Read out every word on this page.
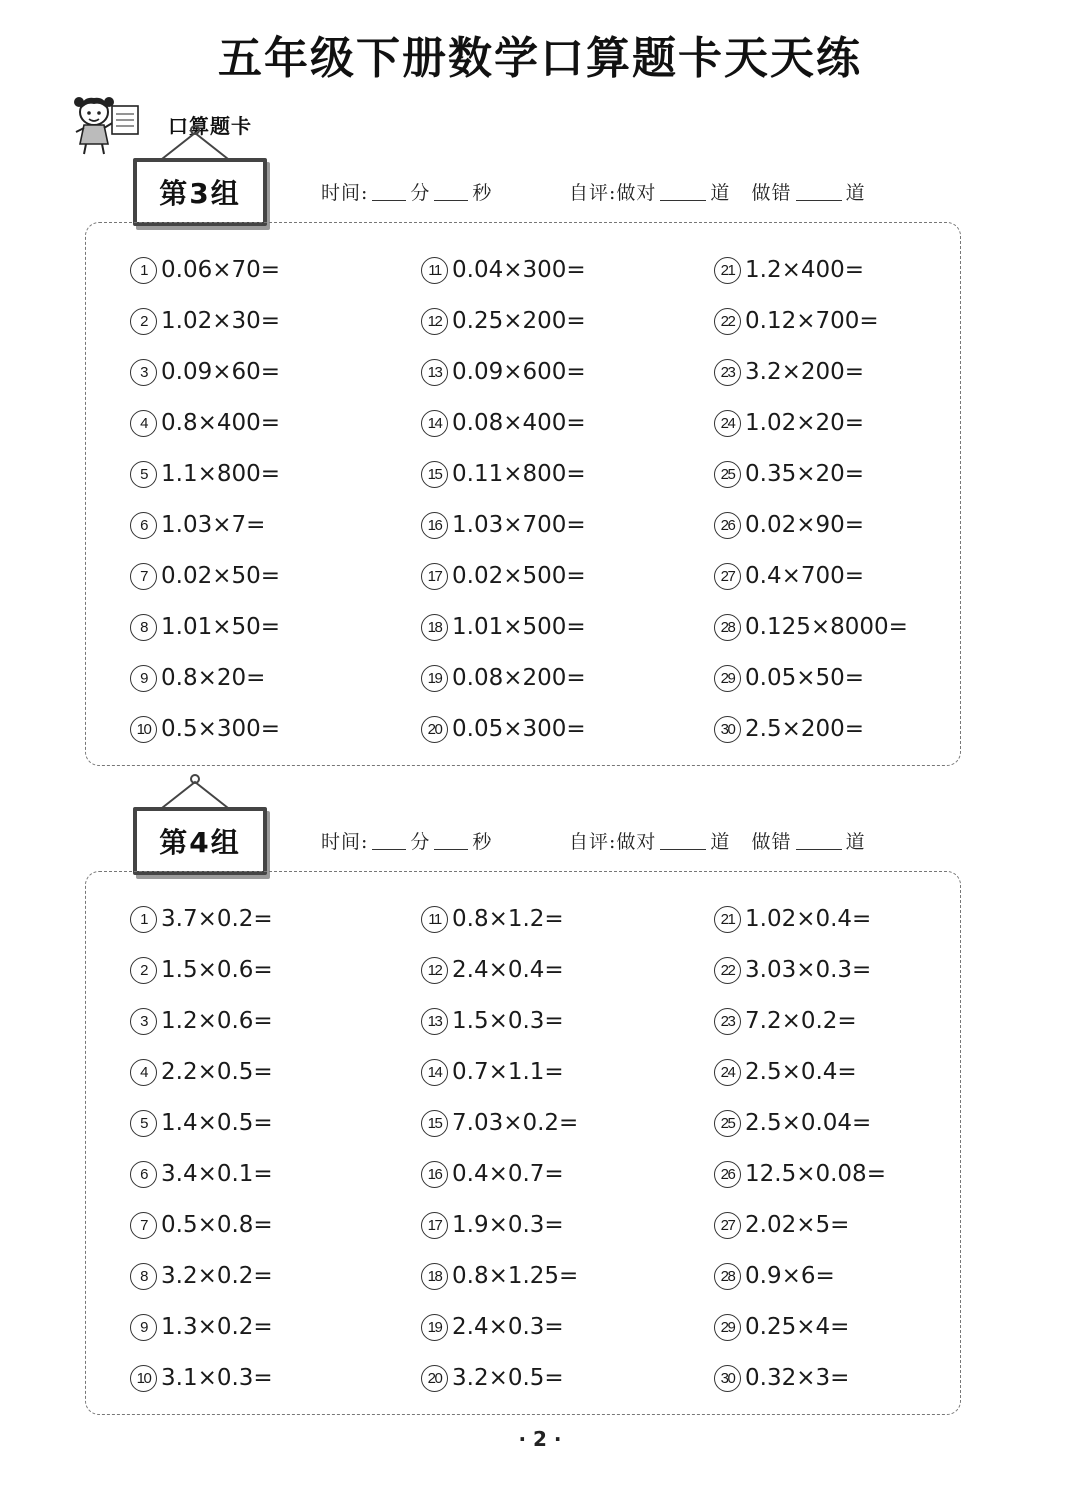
五年级下册数学口算题卡天天练
口算题卡
第3组	时间: 分 秒	自评:做对	道 做错	道
1 0.06×70=
2 1.02×30=
3 0.09×60=
4 0.8×400=
5 1.1×800=
6 1.03×7=
7 0.02×50=
8 1.01×50=
9 0.8×20=
10 0.5×300=
11 0.04×300=
12 0.25×200=
13 0.09×600=
14 0.08×400=
15 0.11×800=
16 1.03×700=
17 0.02×500=
18 1.01×500=
19 0.08×200=
20 0.05×300=
21 1.2×400=
22 0.12×700=
23 3.2×200=
24 1.02×20=
25 0.35×20=
26 0.02×90=
27 0.4×700=
28 0.125×8000=
29 0.05×50=
30 2.5×200=
第4组	时间: 分 秒	自评:做对	道 做错	道
1 3.7×0.2=
2 1.5×0.6=
3 1.2×0.6=
4 2.2×0.5=
5 1.4×0.5=
6 3.4×0.1=
7 0.5×0.8=
8 3.2×0.2=
9 1.3×0.2=
10 3.1×0.3=
11 0.8×1.2=
12 2.4×0.4=
13 1.5×0.3=
14 0.7×1.1=
15 7.03×0.2=
16 0.4×0.7=
17 1.9×0.3=
18 0.8×1.25=
19 2.4×0.3=
20 3.2×0.5=
21 1.02×0.4=
22 3.03×0.3=
23 7.2×0.2=
24 2.5×0.4=
25 2.5×0.04=
26 12.5×0.08=
27 2.02×5=
28 0.9×6=
29 0.25×4=
30 0.32×3=
· 2 ·
